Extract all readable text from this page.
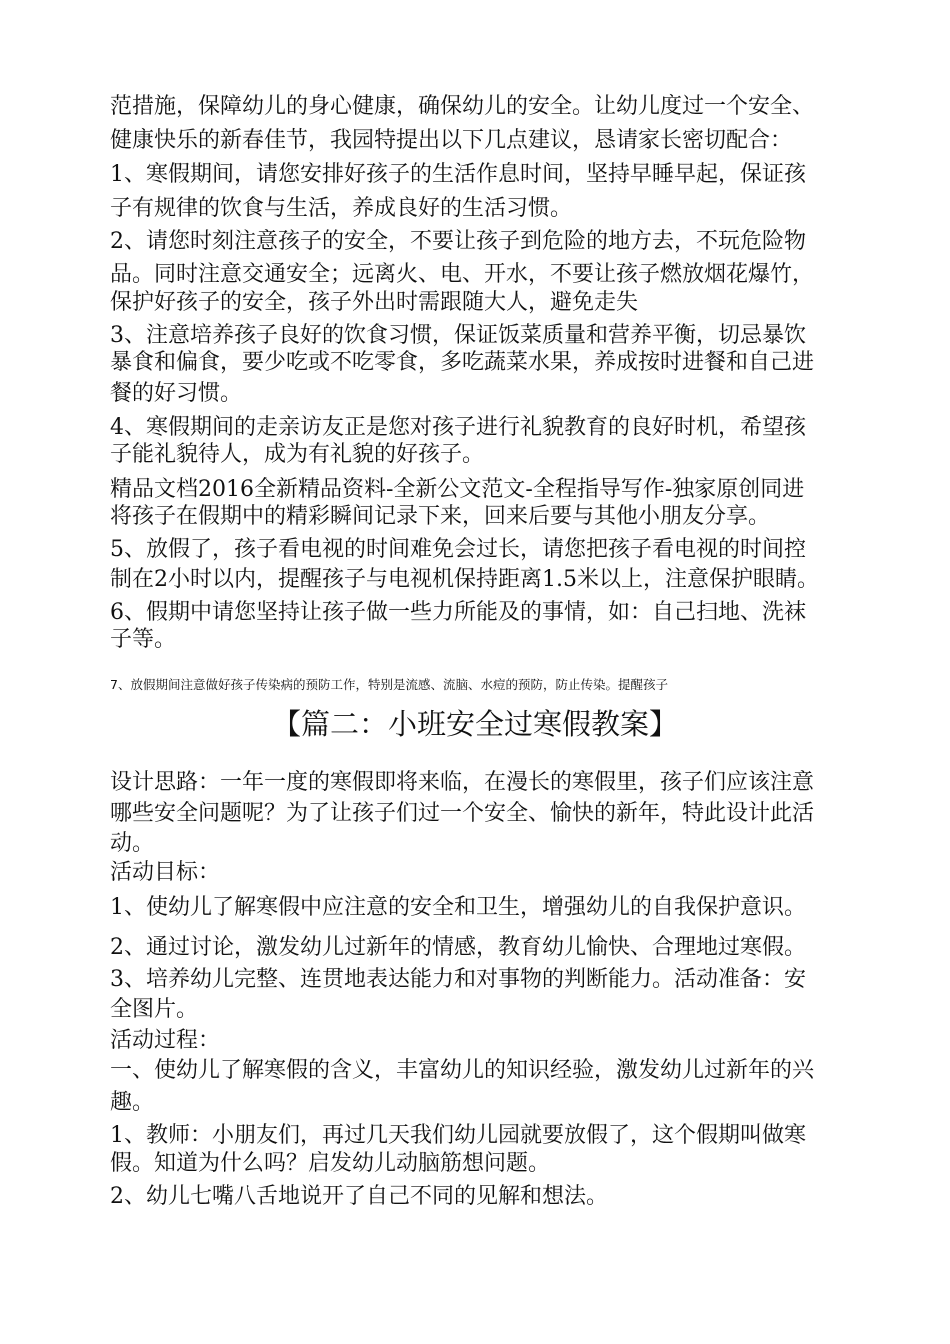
范措施，保障幼儿的身心健康，确保幼儿的安全。让幼儿度过一个安全、
健康快乐的新春佳节，我园特提出以下几点建议，恳请家长密切配合：
1、寒假期间，请您安排好孩子的生活作息时间，坚持早睡早起，保证孩
子有规律的饮食与生活，养成良好的生活习惯。
2、请您时刻注意孩子的安全，不要让孩子到危险的地方去，不玩危险物
品。同时注意交通安全；远离火、电、开水，不要让孩子燃放烟花爆竹，
保护好孩子的安全，孩子外出时需跟随大人，避免走失
3、注意培养孩子良好的饮食习惯，保证饭菜质量和营养平衡，切忌暴饮
暴食和偏食，要少吃或不吃零食，多吃蔬菜水果，养成按时进餐和自己进
餐的好习惯。
4、寒假期间的走亲访友正是您对孩子进行礼貌教育的良好时机，希望孩
子能礼貌待人，成为有礼貌的好孩子。
精品文档2016全新精品资料-全新公文范文-全程指导写作-独家原创同进
将孩子在假期中的精彩瞬间记录下来，回来后要与其他小朋友分享。
5、放假了，孩子看电视的时间难免会过长，请您把孩子看电视的时间控
制在2小时以内，提醒孩子与电视机保持距离1.5米以上，注意保护眼睛。
6、假期中请您坚持让孩子做一些力所能及的事情，如：自己扫地、洗袜
子等。
7、放假期间注意做好孩子传染病的预防工作，特别是流感、流脑、水痘的预防，防止传染。提醒孩子
【篇二：小班安全过寒假教案】
设计思路：一年一度的寒假即将来临，在漫长的寒假里，孩子们应该注意
哪些安全问题呢？为了让孩子们过一个安全、愉快的新年，特此设计此活
动。
活动目标：
1、使幼儿了解寒假中应注意的安全和卫生，增强幼儿的自我保护意识。
2、通过讨论，激发幼儿过新年的情感，教育幼儿愉快、合理地过寒假。
3、培养幼儿完整、连贯地表达能力和对事物的判断能力。活动准备：安
全图片。
活动过程：
一、使幼儿了解寒假的含义，丰富幼儿的知识经验，激发幼儿过新年的兴
趣。
1、教师：小朋友们，再过几天我们幼儿园就要放假了，这个假期叫做寒
假。知道为什么吗？启发幼儿动脑筋想问题。
2、幼儿七嘴八舌地说开了自己不同的见解和想法。
